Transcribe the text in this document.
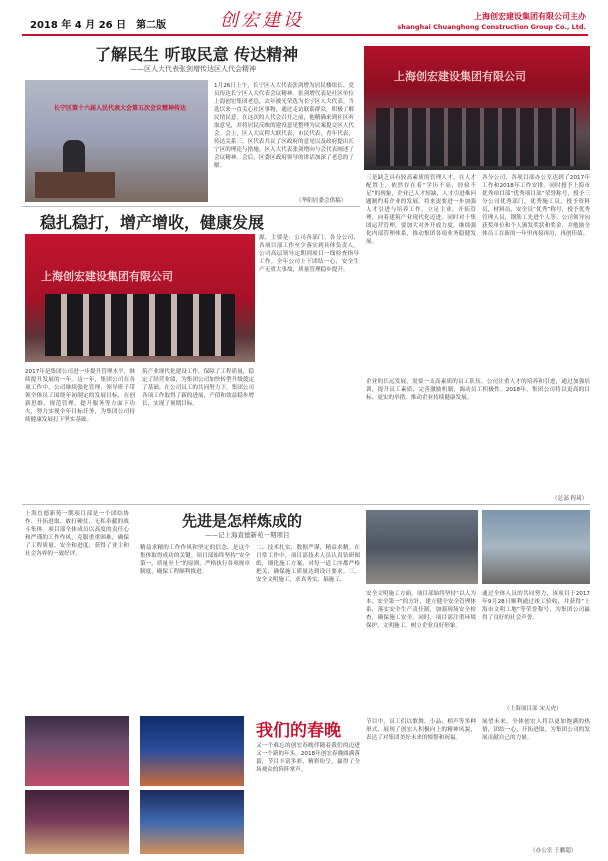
2018 年 4 月 26 日　第二版	创宏建设	上海创宏建设集团有限公司主办
shanghai Chuanghong Construction Group Co., Ltd.
了解民生 听取民意 传达精神
——区人大代表张剑增传达区人代会精神
长宁区第十六届人民代表大会第五次会议精神传达
1月26日上午，长宁区人大代表张剑增为居民楼组长、党员传达长宁区人大代表会议精神。张剑增代表是社区单位上海创宏集团老总，去年被光荣选为长宁区人大代表。当选以来一直关心社区事物，通过走访联系群众，积极了解民情民意。在这次的人代会召开之前，他精确来到社区听取意见，并将居民反映的建设意见整理为议案提交区人代会。会上，区人大议程大联代表，市民代表，青年代表，传达关系三，区代表共议了区政府的意见以及政府提出长宁区的理论与措施。区人大代表张剑增向与会代表阐述了会议精神。会后，区委区政府领导的讲话加深了老总的了解。
（华阳居委会供稿）
上海创宏建设集团有限公司
三是缺乏具有较高素质的管理人才。在人才配置上，依然存在着“学历不高，经验不足”的现象，企业已人才短缺，人才引进难问题制约着企业的发展。将来更要进一步加强人才引进与培养工作。立足主业，开拓管理，向着建筑产业现代化迈进。同时对于集团运营管理，要加大对外开放力度，继续强化内部管理体系，推动集团各项业务稳健发展。
各分公司、各项目部办公室达到了2017年工作和2018年工作安排。同时授予上海市优秀项目部“优秀项目部”荣誉称号，授予三分公司优秀部门，优秀施工员，授予资料员，材料员，安全员“优秀”称号，授予优秀管理人员，钢筋工先进个人等。公司领导向获奖单位和个人颁发奖状和奖金，并勉励全体员工在新的一年里再接再厉，再创佳绩。
稳扎稳打，增产增收，健康发展
上海创宏建设集团有限公司
2017年是集团公司进一步提升管理水平，继续提升发展的一年。这一年，集团公司在各项工作中，公司继续强化管理，领导班子带领全体员工围绕年初制定的发展目标，在创新思维、规范管理、提升服务等方面下功夫，努力实现全年目标任务，为集团公司持续健康发展打下坚实基础。
筑产业现代化建设工作，保障了工程质量，稳定了经营业绩，为集团公司加快转型升级奠定了基础。在公司员工的共同努力下，集团公司各项工作取得了新的进展，产值和效益稳步增长，实现了预期目标。
源，主要是：公司各部门、各分公司、各项目部工作至少落实到具体负责人。公司高层领导定期到项目一线检查指导工作。全年公司上下团结一心，安全生产无重大事故，质量管理稳步提升。
企业的长远发展，需要一支高素质的员工队伍。公司注重人才的培养和引进，通过加强培训，提升员工素质，完善激励机制，调动员工积极性。2018年，集团公司将以更高的目标、更实的举措，推动企业持续健康发展。
（总部 程琦）
上海直德新苑一期项目部是一个团结协作、开拓进取、敢打硬仗、无私奉献的战斗集体。项目部全体成员以高度的责任心和严谨的工作作风，克服重重困难，确保了工程质量、安全和进度，获得了业主和社会各界的一致好评。
先进是怎样炼成的
——记上海直德新苑一期项目
精益求精的工作作风和坚定的信念，是这个集体取得成功的关键。项目部始终坚持“安全第一、质量至上”的原则，严格执行各项规章制度，确保工程顺利推进。
二、技术扎实，数据严谨，精益求精。在日常工作中，项目部技术人员认真钻研图纸，细化施工方案，对每一道工序都严格把关，确保施工质量达到设计要求。三、安全文明施工，求真务实，搞施工。
安全文明施工方面，项目部始终坚持“以人为本、安全第一”的方针，建立健全安全管理体系，落实安全生产责任制，加强现场安全检查，确保施工安全。同时，项目部注重环境保护，文明施工，树立企业良好形象。
通过全体人员的共同努力，该项目于2017年9月28日顺利通过竣工验收，并获得“上海市文明工地”等荣誉称号，为集团公司赢得了良好的社会声誉。
（上海项目部 宋天虎）
我们的春晚
又一个难忘的创宏春晚伴随着我们的迈进又一个新的年头。2018年创宏春晚圆满落幕，节目丰富多彩，精彩纷呈，赢得了全场观众的阵阵掌声。
节目中，员工们以歌舞、小品、相声等多种形式，展现了创宏人积极向上的精神风貌，表达了对集团美好未来的憧憬和祝福。
展望未来，全体创宏人将以更加饱满的热情，团结一心，开拓进取，为集团公司的发展贡献自己的力量。
（办公室 王鹏超）
